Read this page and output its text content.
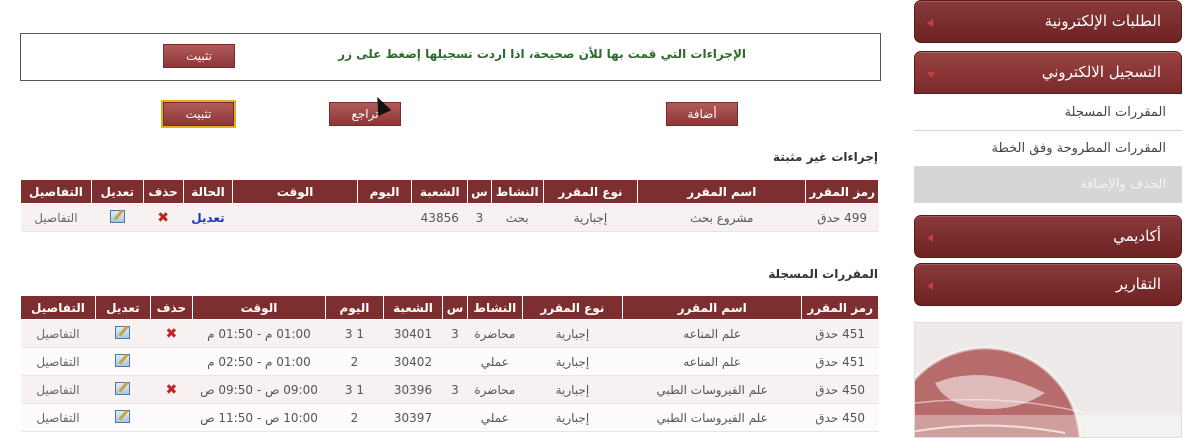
الطلبات الإلكترونية
التسجيل الالكتروني
المقررات المسجلة
المقررات المطروحة وفق الخطة
الحذف والإضافة
أكاديمي
التقارير
الإجراءات التي قمت بها للأن صحيحة، اذا اردت تسجيلها إضغط على زر
تثبيت
تثبيت	تراجع	أضافة
إجراءات غير مثبتة
رمز المقرر	اسم المقرر	نوع المقرر	النشاط	س	الشعبة	اليوم	الوقت	الحالة	حذف	تعديل	التفاصيل
499 حدق	مشروع بحث	إجبارية	بحث	3	43856			تعديل	✖		التفاصيل
المقررات المسجلة
رمز المقرر	اسم المقرر	نوع المقرر	النشاط	س	الشعبة	اليوم	الوقت	حذف	تعديل	التفاصيل
451 حدق	علم المناعه	إجبارية	محاضرة	3	30401	1 3	01:00 م - 01:50 م	✖		التفاصيل
451 حدق	علم المناعه	إجبارية	عملي		30402	2	01:00 م - 02:50 م			التفاصيل
450 حدق	علم الفيروسات الطبي	إجبارية	محاضرة	3	30396	1 3	09:00 ص - 09:50 ص	✖		التفاصيل
450 حدق	علم الفيروسات الطبي	إجبارية	عملي		30397	2	10:00 ص - 11:50 ص			التفاصيل
